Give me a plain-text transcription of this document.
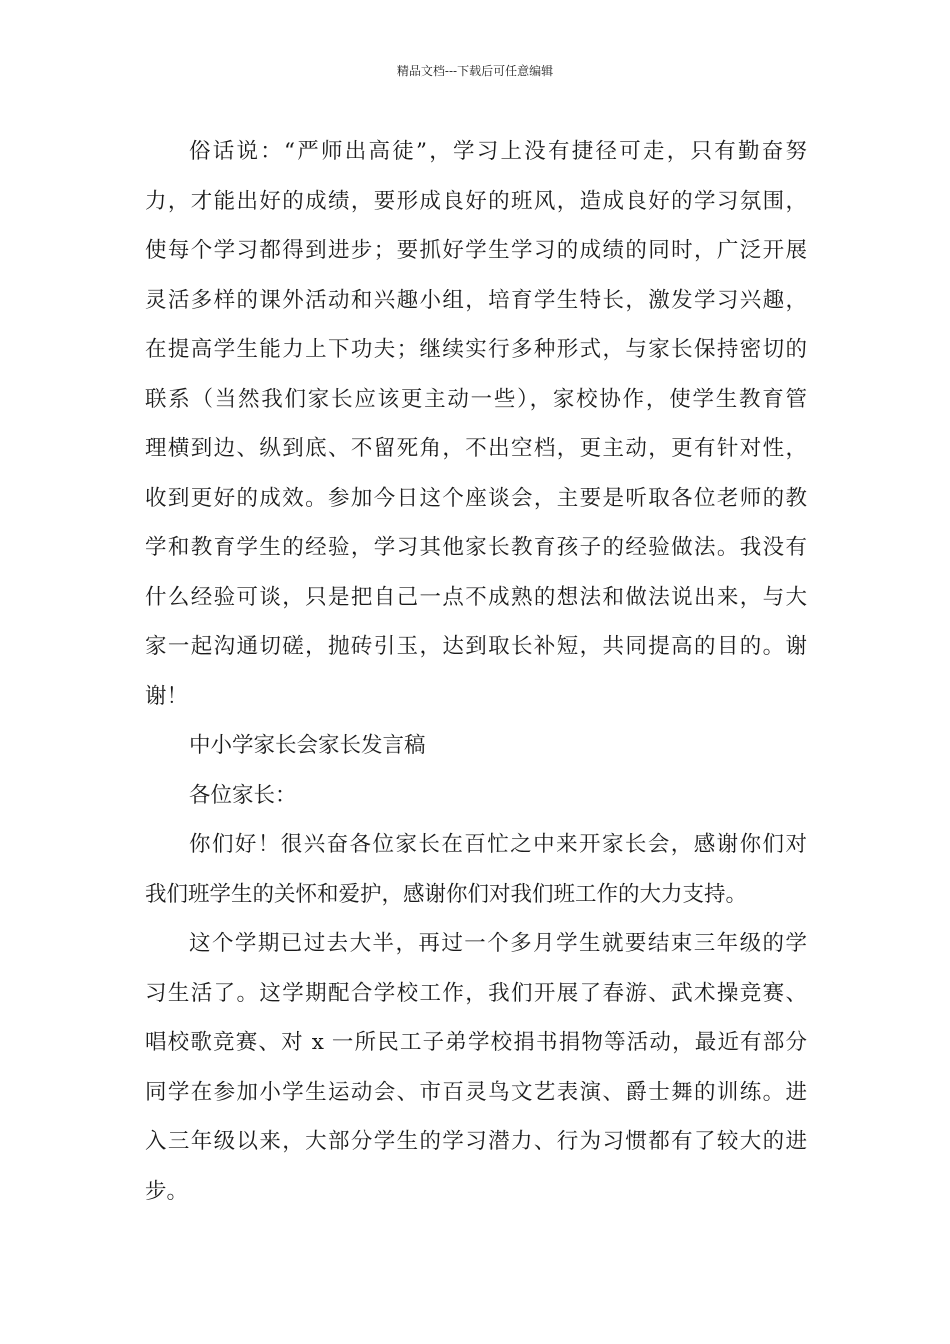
精品文档---下载后可任意编辑

俗话说：“严师出高徒”，学习上没有捷径可走，只有勤奋努
力，才能出好的成绩，要形成良好的班风，造成良好的学习氛围，
使每个学习都得到进步；要抓好学生学习的成绩的同时，广泛开展
灵活多样的课外活动和兴趣小组，培育学生特长，激发学习兴趣，
在提高学生能力上下功夫；继续实行多种形式，与家长保持密切的
联系（当然我们家长应该更主动一些），家校协作，使学生教育管
理横到边、纵到底、不留死角，不出空档，更主动，更有针对性，
收到更好的成效。参加今日这个座谈会，主要是听取各位老师的教
学和教育学生的经验，学习其他家长教育孩子的经验做法。我没有
什么经验可谈，只是把自己一点不成熟的想法和做法说出来，与大
家一起沟通切磋，抛砖引玉，达到取长补短，共同提高的目的。谢
谢！

中小学家长会家长发言稿

各位家长：

你们好！很兴奋各位家长在百忙之中来开家长会，感谢你们对
我们班学生的关怀和爱护，感谢你们对我们班工作的大力支持。

这个学期已过去大半，再过一个多月学生就要结束三年级的学
习生活了。这学期配合学校工作，我们开展了春游、武术操竞赛、
唱校歌竞赛、对 x 一所民工子弟学校捐书捐物等活动，最近有部分
同学在参加小学生运动会、市百灵鸟文艺表演、爵士舞的训练。进
入三年级以来，大部分学生的学习潜力、行为习惯都有了较大的进
步。
